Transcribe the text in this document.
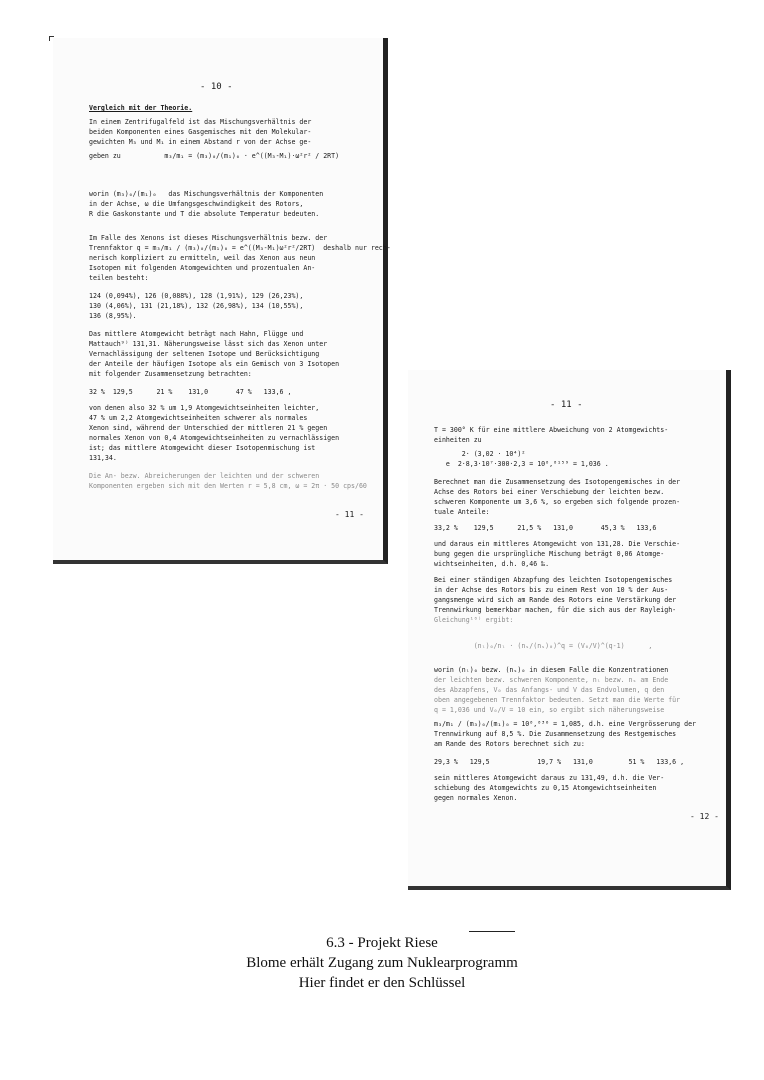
- 10 -
Vergleich mit der Theorie.
In einem Zentrifugalfeld ist das Mischungsverhältnis der
beiden Komponenten eines Gasgemisches mit den Molekular-
gewichten M₃ und M₁ in einem Abstand r von der Achse ge-
geben zu           m₃/m₁ = (m₃)₀/(m₁)₀ · e^((M₃-M₁)·ω²r² / 2RT)
worin (m₃)₀/(m₁)₀   das Mischungsverhältnis der Komponenten
in der Achse, ω die Umfangsgeschwindigkeit des Rotors,
R die Gaskonstante und T die absolute Temperatur bedeuten.
Im Falle des Xenons ist dieses Mischungsverhältnis bezw. der
Trennfaktor q = m₃/m₁ / (m₃)₀/(m₁)₀ = e^((M₃-M₁)ω²r²/2RT)  deshalb nur rech-
nerisch kompliziert zu ermitteln, weil das Xenon aus neun
Isotopen mit folgenden Atomgewichten und prozentualen An-
teilen besteht:
124 (0,094%), 126 (0,088%), 128 (1,91%), 129 (26,23%),
130 (4,06%), 131 (21,18%), 132 (26,98%), 134 (10,55%),
136 (8,95%).
Das mittlere Atomgewicht beträgt nach Hahn, Flügge und
Mattauch⁹⁾ 131,31. Näherungsweise lässt sich das Xenon unter
Vernachlässigung der seltenen Isotope und Berücksichtigung
der Anteile der häufigen Isotope als ein Gemisch von 3 Isotopen
mit folgender Zusammensetzung betrachten:
32 %  129,5      21 %    131,0       47 %   133,6 ,
von denen also 32 % um 1,9 Atomgewichtseinheiten leichter,
47 % um 2,2 Atomgewichtseinheiten schwerer als normales
Xenon sind, während der Unterschied der mittleren 21 % gegen
normales Xenon von 0,4 Atomgewichtseinheiten zu vernachlässigen
ist; das mittlere Atomgewicht dieser Isotopenmischung ist
131,34.
Die An- bezw. Abreicherungen der leichten und der schweren
Komponenten ergeben sich mit den Werten r = 5,8 cm, ω = 2π · 50 cps/60
- 11 -
- 11 -
T = 300° K für eine mittlere Abweichung von 2 Atomgewichts-
einheiten zu
2· (3,02 · 10⁴)²
e  2·8,3·10⁷·300·2,3 = 10⁰,⁰¹⁵⁹ = 1,036 .
Berechnet man die Zusammensetzung des Isotopengemisches in der
Achse des Rotors bei einer Verschiebung der leichten bezw.
schweren Komponente um 3,6 %, so ergeben sich folgende prozen-
tuale Anteile:
33,2 %    129,5      21,5 %   131,0       45,3 %   133,6
und daraus ein mittleres Atomgewicht von 131,28. Die Verschie-
bung gegen die ursprüngliche Mischung beträgt 0,06 Atomge-
wichtseinheiten, d.h. 0,46 ‰.
Bei einer ständigen Abzapfung des leichten Isotopengemisches
in der Achse des Rotors bis zu einem Rest von 10 % der Aus-
gangsmenge wird sich am Rande des Rotors eine Verstärkung der
Trennwirkung bemerkbar machen, für die sich aus der Rayleigh-
Gleichung¹⁰⁾ ergibt:
(nₗ)₀/nₗ · (nₛ/(nₛ)₀)^q = (V₀/V)^(q-1)      ,
worin (nₗ)₀ bezw. (nₛ)₀ in diesem Falle die Konzentrationen
der leichten bezw. schweren Komponente, nₗ bezw. nₛ am Ende
des Abzapfens, V₀ das Anfangs- und V das Endvolumen, q den
oben angegebenen Trennfaktor bedeuten. Setzt man die Werte für
q = 1,036 und V₀/V = 10 ein, so ergibt sich näherungsweise
m₃/m₁ / (m₃)₀/(m₁)₀ = 10⁰,⁰³⁶ = 1,085, d.h. eine Vergrösserung der
Trennwirkung auf 8,5 %. Die Zusammensetzung des Restgemisches
am Rande des Rotors berechnet sich zu:
29,3 %   129,5            19,7 %   131,0         51 %   133,6 ,
sein mittleres Atomgewicht daraus zu 131,49, d.h. die Ver-
schiebung des Atomgewichts zu 0,15 Atomgewichtseinheiten
gegen normales Xenon.
- 12 -
6.3 - Projekt Riese
Blome erhält Zugang zum Nuklearprogramm
Hier findet er den Schlüssel
